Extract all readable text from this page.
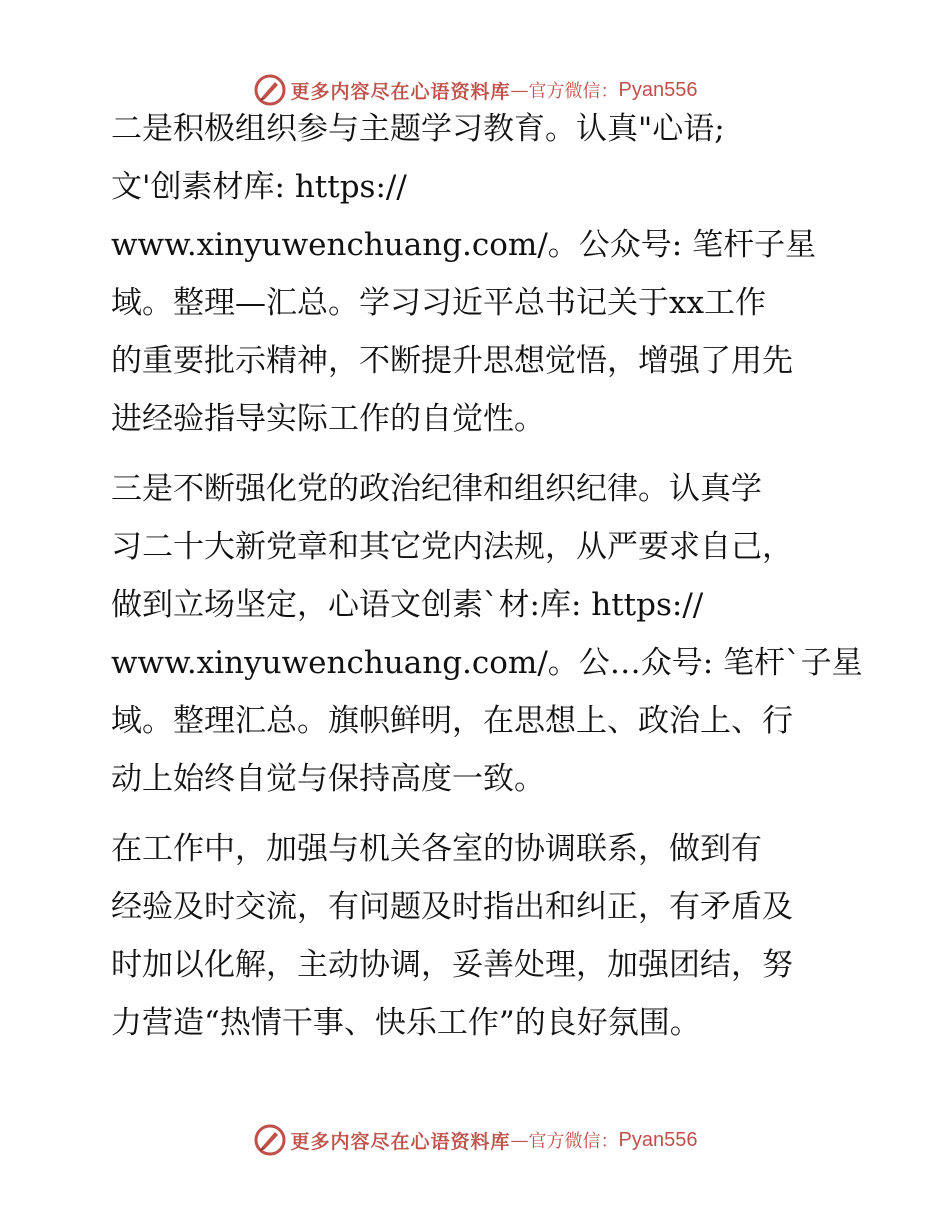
更多内容尽在心语资料库 — 官方微信： Pyan556

二是积极组织参与主题学习教育。认真"心语;
文'创素材库: https://
www.xinyuwenchuang.com/。公众号: 笔杆子星
域。整理—汇总。学习习近平总书记关于xx工作
的重要批示精神，不断提升思想觉悟，增强了用先
进经验指导实际工作的自觉性。

三是不断强化党的政治纪律和组织纪律。认真学
习二十大新党章和其它党内法规，从严要求自己，
做到立场坚定，心语文创素`材:库: https://
www.xinyuwenchuang.com/。公…众号: 笔杆`子星
域。整理汇总。旗帜鲜明，在思想上、政治上、行
动上始终自觉与保持高度一致。

在工作中，加强与机关各室的协调联系，做到有
经验及时交流，有问题及时指出和纠正，有矛盾及
时加以化解，主动协调，妥善处理，加强团结，努
力营造“热情干事、快乐工作”的良好氛围。

更多内容尽在心语资料库 — 官方微信： Pyan556
